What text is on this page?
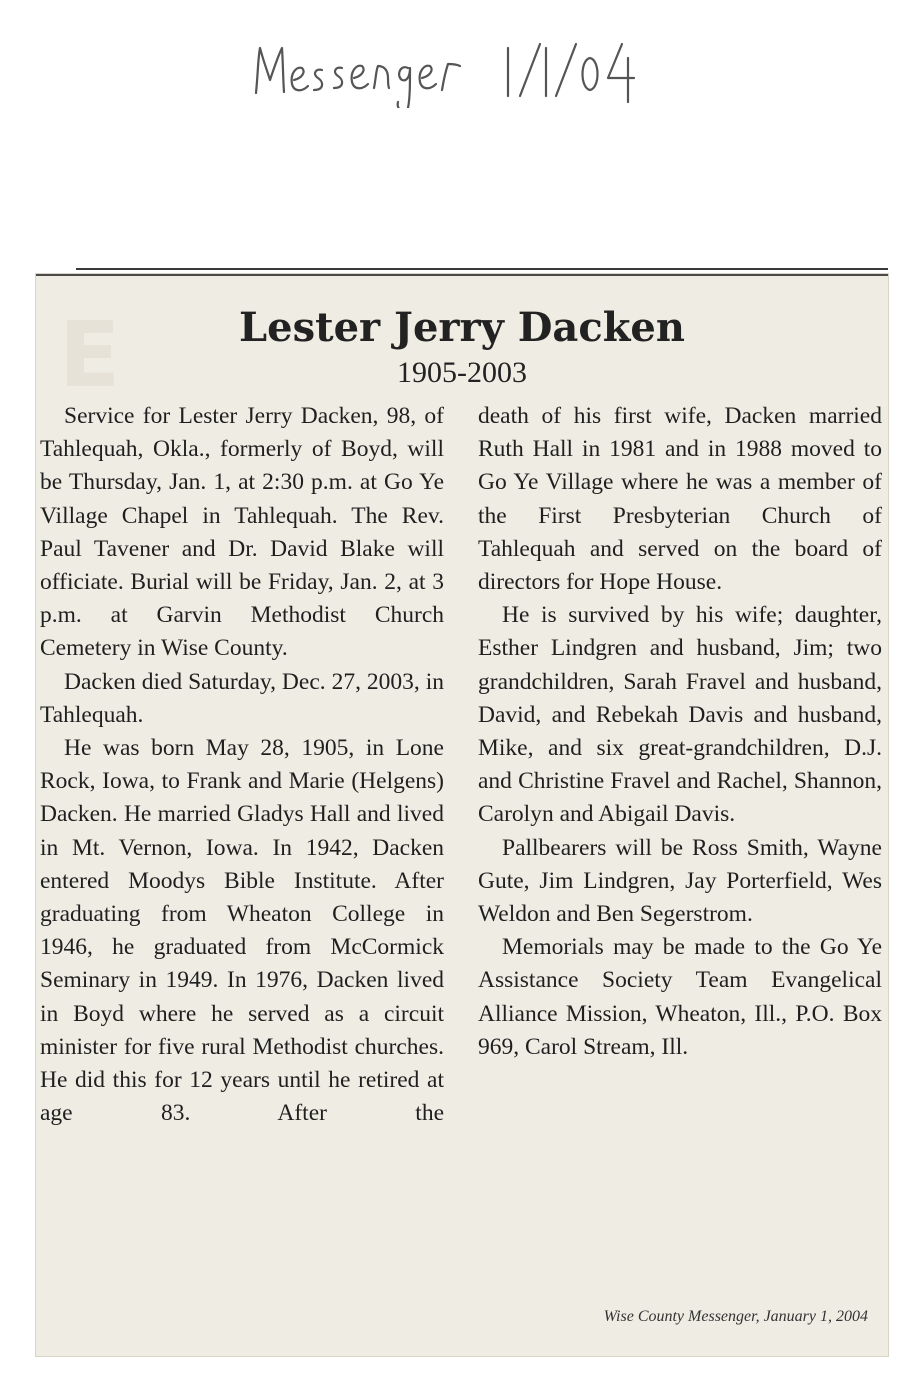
ᴇ	Lester Jerry Dacken
1905-2003

Service for Lester Jerry Dacken, 98, of Tahlequah, Okla., formerly of Boyd, will be Thursday, Jan. 1, at 2:30 p.m. at Go Ye Village Chapel in Tahlequah. The Rev. Paul Tavener and Dr. David Blake will officiate. Burial will be Friday, Jan. 2, at 3 p.m. at Garvin Methodist Church Cemetery in Wise County.

Dacken died Saturday, Dec. 27, 2003, in Tahlequah.

He was born May 28, 1905, in Lone Rock, Iowa, to Frank and Marie (Helgens) Dacken. He married Gladys Hall and lived in Mt. Vernon, Iowa. In 1942, Dacken entered Moodys Bible Institute. After graduating from Wheaton College in 1946, he graduated from McCormick Seminary in 1949. In 1976, Dacken lived in Boyd where he served as a circuit minister for five rural Methodist churches. He did this for 12 years until he retired at age 83. After the

death of his first wife, Dacken married Ruth Hall in 1981 and in 1988 moved to Go Ye Village where he was a member of the First Presbyterian Church of Tahlequah and served on the board of directors for Hope House.

He is survived by his wife; daughter, Esther Lindgren and husband, Jim; two grandchildren, Sarah Fravel and husband, David, and Rebekah Davis and husband, Mike, and six great-grandchildren, D.J. and Christine Fravel and Rachel, Shannon, Carolyn and Abigail Davis.

Pallbearers will be Ross Smith, Wayne Gute, Jim Lindgren, Jay Porterfield, Wes Weldon and Ben Segerstrom.

Memorials may be made to the Go Ye Assistance Society Team Evangelical Alliance Mission, Wheaton, Ill., P.O. Box 969, Carol Stream, Ill.

Wise County Messenger, January 1, 2004
